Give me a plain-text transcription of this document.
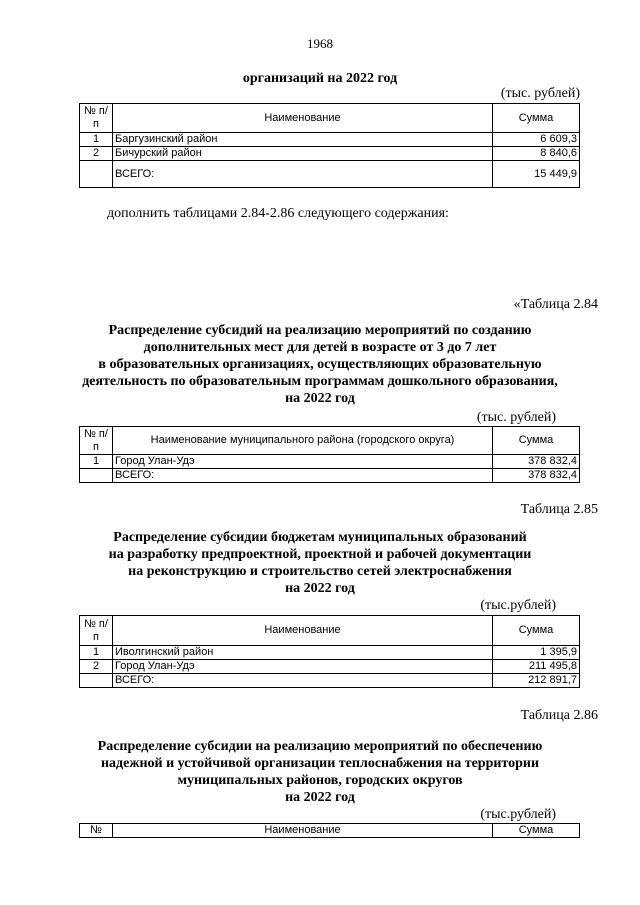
1968
организаций на 2022 год
(тыс. рублей)
№ п/п	Наименование	Сумма
1	Баргузинский район	6 609,3
2	Бичурский район	8 840,6
	ВСЕГО:	15 449,9
дополнить таблицами 2.84-2.86 следующего содержания:
«Таблица 2.84
Распределение субсидий на реализацию мероприятий по созданию
дополнительных мест для детей в возрасте от 3 до 7 лет
в образовательных организациях, осуществляющих образовательную
деятельность по образовательным программам дошкольного образования,
на 2022 год
(тыс. рублей)
№ п/п	Наименование муниципального района (городского округа)	Сумма
1	Город Улан-Удэ	378 832,4
	ВСЕГО:	378 832,4
Таблица 2.85
Распределение субсидии бюджетам муниципальных образований
на разработку предпроектной, проектной и рабочей документации
на реконструкцию и строительство сетей электроснабжения
на 2022 год
(тыс.рублей)
№ п/п	Наименование	Сумма
1	Иволгинский район	1 395,9
2	Город Улан-Удэ	211 495,8
	ВСЕГО:	212 891,7
Таблица 2.86
Распределение субсидии на реализацию мероприятий по обеспечению
надежной и устойчивой организации теплоснабжения на территории
муниципальных районов, городских округов
на 2022 год
(тыс.рублей)
№	Наименование	Сумма
